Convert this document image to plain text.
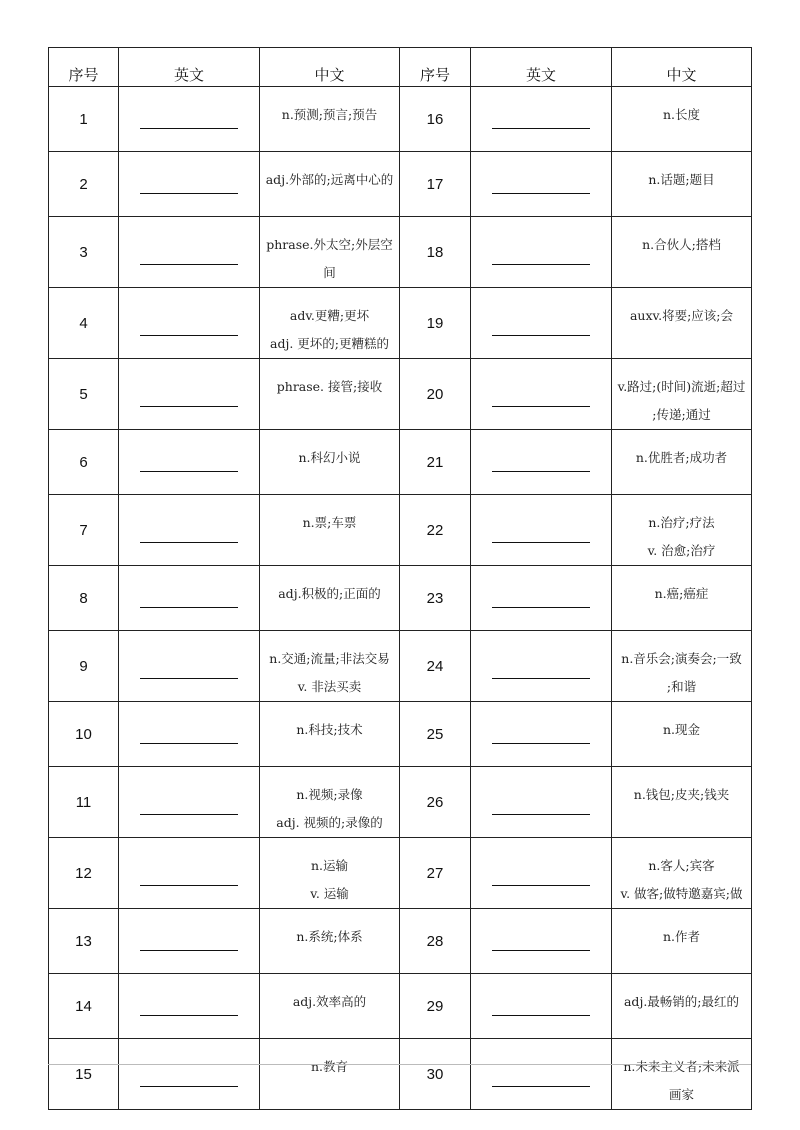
序号	英文	中文	序号	英文	中文
1		n.预测;预言;预告	16		n.长度

2		adj.外部的;远离中心的	17		n.话题;题目

3		phrase.外太空;外层空
间	18		n.合伙人;搭档

4		adv.更糟;更坏
adj. 更坏的;更糟糕的	19		auxv.将要;应该;会

5		phrase. 接管;接收	20		v.路过;(时间)流逝;超过
;传递;通过

6		n.科幻小说	21		n.优胜者;成功者

7		n.票;车票	22		n.治疗;疗法
v. 治愈;治疗

8		adj.积极的;正面的	23		n.癌;癌症

9		n.交通;流量;非法交易
v. 非法买卖	24		n.音乐会;演奏会;一致
;和谐

10		n.科技;技术	25		n.现金

11		n.视频;录像
adj. 视频的;录像的	26		n.钱包;皮夹;钱夹

12		n.运输
v. 运输	27		n.客人;宾客
v. 做客;做特邀嘉宾;做

13		n.系统;体系	28		n.作者

14		adj.效率高的	29		adj.最畅销的;最红的

15		n.教育	30		n.未来主义者;未来派
画家
